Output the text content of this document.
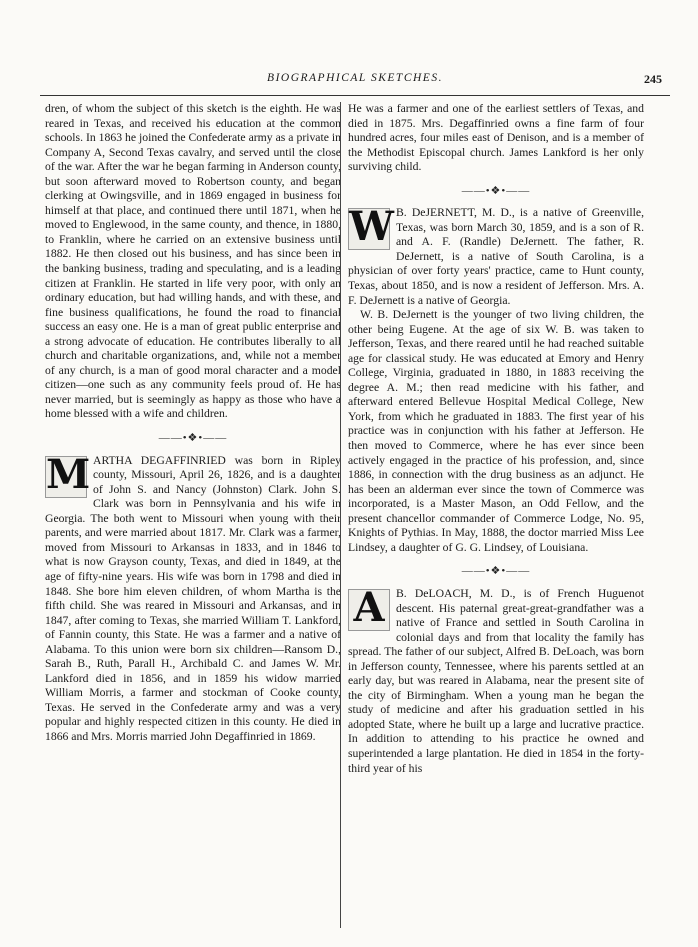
BIOGRAPHICAL SKETCHES.	245

dren, of whom the subject of this sketch is the eighth. He was reared in Texas, and received his education at the common schools. In 1863 he joined the Confederate army as a private in Company A, Second Texas cavalry, and served until the close of the war. After the war he began farming in Anderson county, but soon afterward moved to Robertson county, and began clerking at Owingsville, and in 1869 engaged in business for himself at that place, and continued there until 1871, when he moved to Englewood, in the same county, and thence, in 1880, to Franklin, where he carried on an extensive business until 1882. He then closed out his business, and has since been in the banking business, trading and speculating, and is a leading citizen at Franklin. He started in life very poor, with only an ordinary education, but had willing hands, and with these, and fine business qualifications, he found the road to financial success an easy one. He is a man of great public enterprise and a strong advocate of education. He contributes liberally to all church and charitable organizations, and, while not a member of any church, is a man of good moral character and a model citizen—one such as any community feels proud of. He has never married, but is seemingly as happy as those who have a home blessed with a wife and children.

——•❖•——
M ARTHA DEGAFFINRIED was born in Ripley county, Missouri, April 26, 1826, and is a daughter of John S. and Nancy (Johnston) Clark. John S. Clark was born in Pennsylvania and his wife in Georgia. The both went to Missouri when young with their parents, and were married about 1817. Mr. Clark was a farmer, moved from Missouri to Arkansas in 1833, and in 1846 to what is now Grayson county, Texas, and died in 1849, at the age of fifty-nine years. His wife was born in 1798 and died in 1848. She bore him eleven children, of whom Martha is the fifth child. She was reared in Missouri and Arkansas, and in 1847, after coming to Texas, she married William T. Lankford, of Fannin county, this State. He was a farmer and a native of Alabama. To this union were born six children—Ransom D., Sarah B., Ruth, Parall H., Archibald C. and James W. Mr. Lankford died in 1856, and in 1859 his widow married William Morris, a farmer and stockman of Cooke county, Texas. He served in the Confederate army and was a very popular and highly respected citizen in this county. He died in 1866 and Mrs. Morris married John Degaffinried in 1869.

He was a farmer and one of the earliest settlers of Texas, and died in 1875. Mrs. Degaffinried owns a fine farm of four hundred acres, four miles east of Denison, and is a member of the Methodist Episcopal church. James Lankford is her only surviving child.

——•❖•——
W B. DeJERNETT, M. D., is a native of Greenville, Texas, was born March 30, 1859, and is a son of R. and A. F. (Randle) DeJernett. The father, R. DeJernett, is a native of South Carolina, is a physician of over forty years' practice, came to Hunt county, Texas, about 1850, and is now a resident of Jefferson. Mrs. A. F. DeJernett is a native of Georgia.

W. B. DeJernett is the younger of two living children, the other being Eugene. At the age of six W. B. was taken to Jefferson, Texas, and there reared until he had reached suitable age for classical study. He was educated at Emory and Henry College, Virginia, graduated in 1880, in 1883 receiving the degree A. M.; then read medicine with his father, and afterward entered Bellevue Hospital Medical College, New York, from which he graduated in 1883. The first year of his practice was in conjunction with his father at Jefferson. He then moved to Commerce, where he has ever since been actively engaged in the practice of his profession, and, since 1886, in connection with the drug business as an adjunct. He has been an alderman ever since the town of Commerce was incorporated, is a Master Mason, an Odd Fellow, and the present chancellor commander of Commerce Lodge, No. 95, Knights of Pythias. In May, 1888, the doctor married Miss Lee Lindsey, a daughter of G. G. Lindsey, of Louisiana.

——•❖•——
A B. DeLOACH, M. D., is of French Huguenot descent. His paternal great-great-grandfather was a native of France and settled in South Carolina in colonial days and from that locality the family has spread. The father of our subject, Alfred B. DeLoach, was born in Jefferson county, Tennessee, where his parents settled at an early day, but was reared in Alabama, near the present site of the city of Birmingham. When a young man he began the study of medicine and after his graduation settled in his adopted State, where he built up a large and lucrative practice. In addition to attending to his practice he owned and superintended a large plantation. He died in 1854 in the forty-third year of his
